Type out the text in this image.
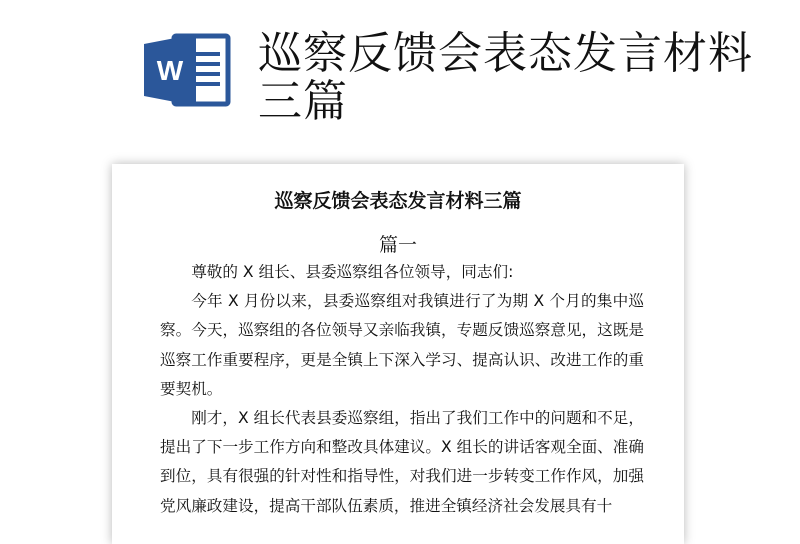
W 巡察反馈会表态发言材料三篇
巡察反馈会表态发言材料三篇
篇一

尊敬的 X 组长、县委巡察组各位领导，同志们:

今年 X 月份以来，县委巡察组对我镇进行了为期 X 个月的集中巡察。今天，巡察组的各位领导又亲临我镇，专题反馈巡察意见，这既是巡察工作重要程序，更是全镇上下深入学习、提高认识、改进工作的重要契机。

刚才，X 组长代表县委巡察组，指出了我们工作中的问题和不足，提出了下一步工作方向和整改具体建议。X 组长的讲话客观全面、准确到位，具有很强的针对性和指导性，对我们进一步转变工作作风，加强党风廉政建设，提高干部队伍素质，推进全镇经济社会发展具有十
